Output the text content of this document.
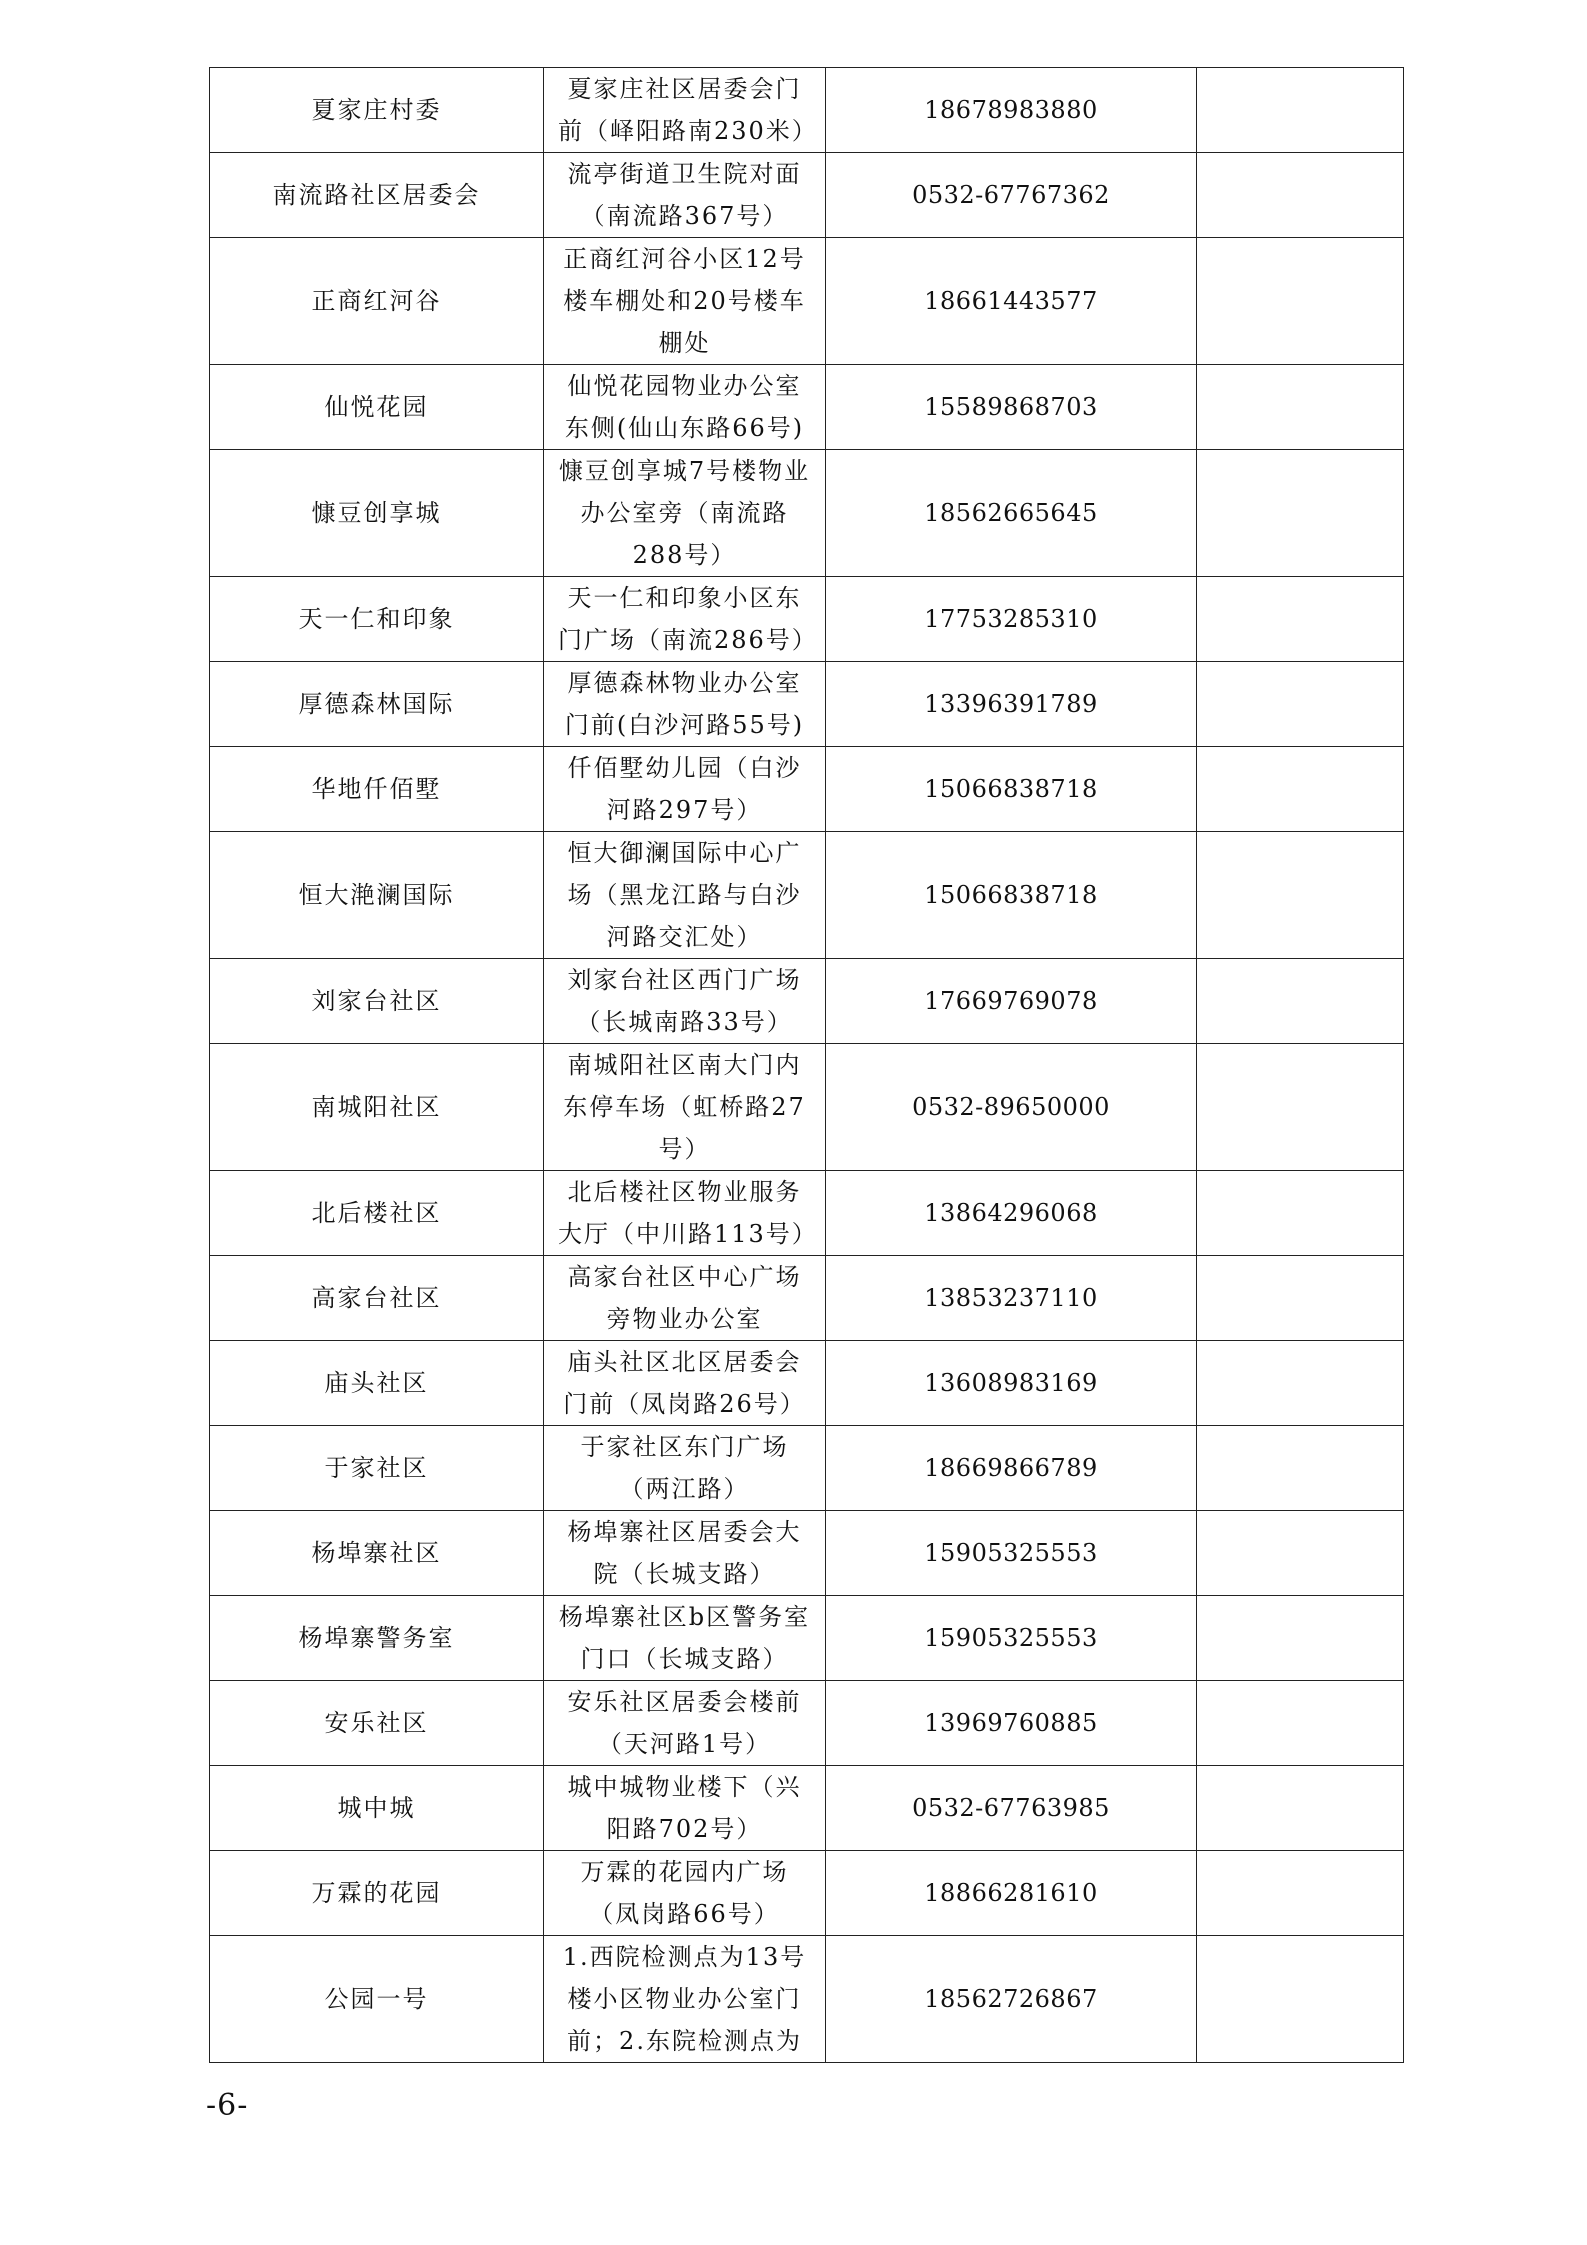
夏家庄村委	夏家庄社区居委会门前（峄阳路南230米）	18678983880	
南流路社区居委会	流亭街道卫生院对面（南流路367号）	0532-67767362	
正商红河谷	正商红河谷小区12号楼车棚处和20号楼车棚处	18661443577	
仙悦花园	仙悦花园物业办公室东侧(仙山东路66号)	15589868703	
慷豆创享城	慷豆创享城7号楼物业办公室旁（南流路288号）	18562665645	
天一仁和印象	天一仁和印象小区东门广场（南流286号）	17753285310	
厚德森林国际	厚德森林物业办公室门前(白沙河路55号)	13396391789	
华地仟佰墅	仟佰墅幼儿园（白沙河路297号）	15066838718	
恒大滟澜国际	恒大御澜国际中心广场（黑龙江路与白沙河路交汇处）	15066838718	
刘家台社区	刘家台社区西门广场（长城南路33号）	17669769078	
南城阳社区	南城阳社区南大门内东停车场（虹桥路27号）	0532-89650000	
北后楼社区	北后楼社区物业服务大厅（中川路113号）	13864296068	
高家台社区	高家台社区中心广场旁物业办公室	13853237110	
庙头社区	庙头社区北区居委会门前（凤岗路26号）	13608983169	
于家社区	于家社区东门广场（两江路）	18669866789	
杨埠寨社区	杨埠寨社区居委会大院（长城支路）	15905325553	
杨埠寨警务室	杨埠寨社区b区警务室门口（长城支路）	15905325553	
安乐社区	安乐社区居委会楼前（天河路1号）	13969760885	
城中城	城中城物业楼下（兴阳路702号）	0532-67763985	
万霖的花园	万霖的花园内广场（凤岗路66号）	18866281610	
公园一号	1.西院检测点为13号楼小区物业办公室门前；2.东院检测点为	18562726867	
-6-
